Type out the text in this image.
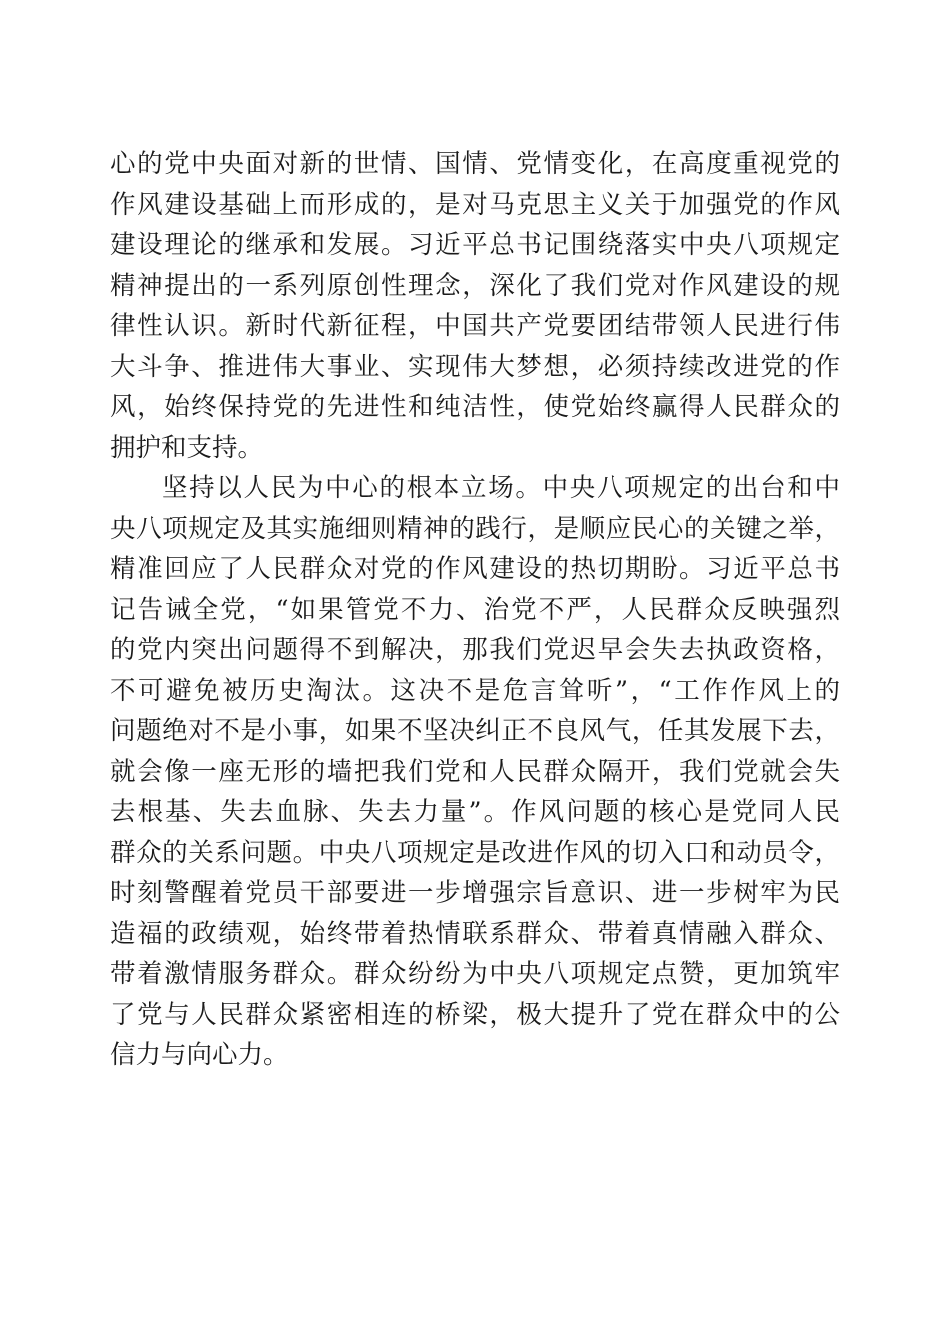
心的党中央面对新的世情、国情、党情变化，在高度重视党的
作风建设基础上而形成的，是对马克思主义关于加强党的作风
建设理论的继承和发展。习近平总书记围绕落实中央八项规定
精神提出的一系列原创性理念，深化了我们党对作风建设的规
律性认识。新时代新征程，中国共产党要团结带领人民进行伟
大斗争、推进伟大事业、实现伟大梦想，必须持续改进党的作
风，始终保持党的先进性和纯洁性，使党始终赢得人民群众的
拥护和支持。
坚持以人民为中心的根本立场。中央八项规定的出台和中
央八项规定及其实施细则精神的践行，是顺应民心的关键之举，
精准回应了人民群众对党的作风建设的热切期盼。习近平总书
记告诫全党，“如果管党不力、治党不严，人民群众反映强烈
的党内突出问题得不到解决，那我们党迟早会失去执政资格，
不可避免被历史淘汰。这决不是危言耸听”，“工作作风上的
问题绝对不是小事，如果不坚决纠正不良风气，任其发展下去，
就会像一座无形的墙把我们党和人民群众隔开，我们党就会失
去根基、失去血脉、失去力量”。作风问题的核心是党同人民
群众的关系问题。中央八项规定是改进作风的切入口和动员令，
时刻警醒着党员干部要进一步增强宗旨意识、进一步树牢为民
造福的政绩观，始终带着热情联系群众、带着真情融入群众、
带着激情服务群众。群众纷纷为中央八项规定点赞，更加筑牢
了党与人民群众紧密相连的桥梁，极大提升了党在群众中的公
信力与向心力。
